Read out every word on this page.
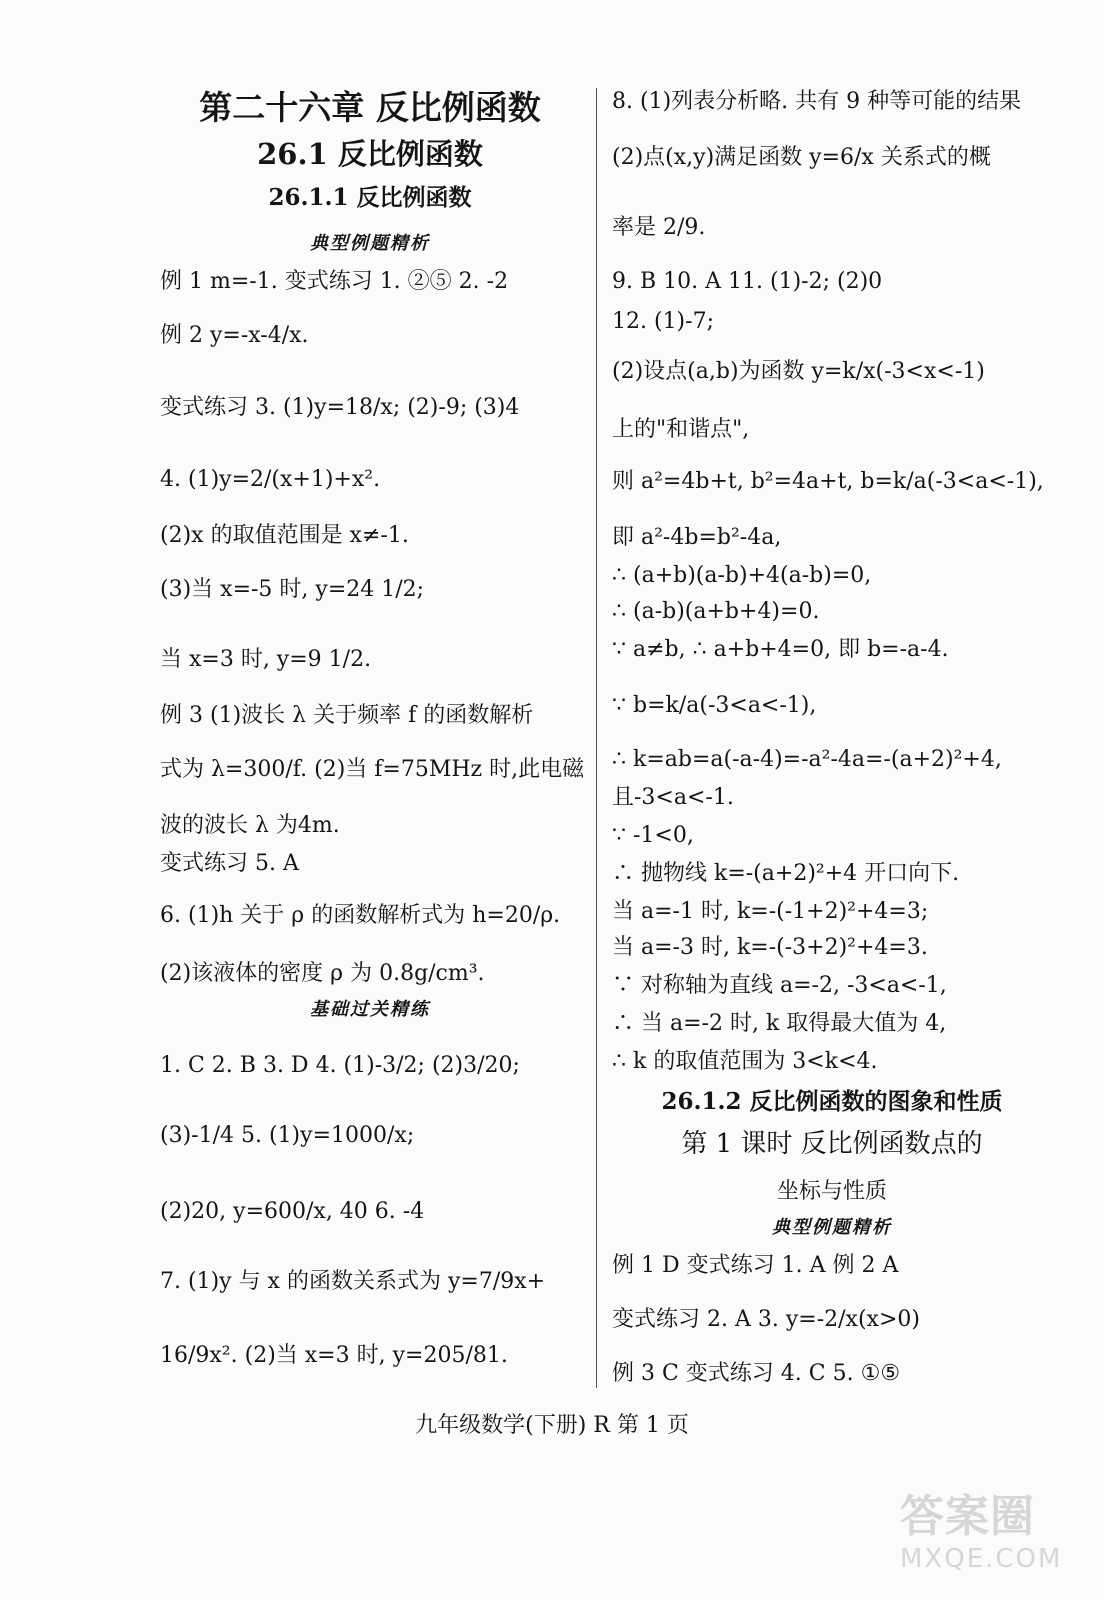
第二十六章 反比例函数
26.1 反比例函数
26.1.1 反比例函数
典型例题精析
例 1 m=-1. 变式练习 1. ②⑤ 2. -2
例 2 y=-x-4/x.
变式练习 3. (1)y=18/x; (2)-9; (3)4
4. (1)y=2/(x+1)+x².
(2)x 的取值范围是 x≠-1.
(3)当 x=-5 时, y=24 1/2;
当 x=3 时, y=9 1/2.
例 3 (1)波长 λ 关于频率 f 的函数解析
式为 λ=300/f. (2)当 f=75MHz 时,此电磁
波的波长 λ 为4m.
变式练习 5. A
6. (1)h 关于 ρ 的函数解析式为 h=20/ρ.
(2)该液体的密度 ρ 为 0.8g/cm³.
基础过关精练
1. C 2. B 3. D 4. (1)-3/2; (2)3/20;
(3)-1/4 5. (1)y=1000/x;
(2)20, y=600/x, 40 6. -4
7. (1)y 与 x 的函数关系式为 y=7/9x+
16/9x². (2)当 x=3 时, y=205/81.
8. (1)列表分析略. 共有 9 种等可能的结果
(2)点(x,y)满足函数 y=6/x 关系式的概
率是 2/9.
9. B 10. A 11. (1)-2; (2)0
12. (1)-7;
(2)设点(a,b)为函数 y=k/x(-3<x<-1)
上的"和谐点",
则 a²=4b+t, b²=4a+t, b=k/a(-3<a<-1),
即 a²-4b=b²-4a,
∴ (a+b)(a-b)+4(a-b)=0,
∴ (a-b)(a+b+4)=0.
∵ a≠b, ∴ a+b+4=0, 即 b=-a-4.
∵ b=k/a(-3<a<-1),
∴ k=ab=a(-a-4)=-a²-4a=-(a+2)²+4,
且-3<a<-1.
∵ -1<0,
∴ 抛物线 k=-(a+2)²+4 开口向下.
当 a=-1 时, k=-(-1+2)²+4=3;
当 a=-3 时, k=-(-3+2)²+4=3.
∵ 对称轴为直线 a=-2, -3<a<-1,
∴ 当 a=-2 时, k 取得最大值为 4,
∴ k 的取值范围为 3<k<4.
26.1.2 反比例函数的图象和性质
第 1 课时 反比例函数点的
坐标与性质
典型例题精析
例 1 D 变式练习 1. A 例 2 A
变式练习 2. A 3. y=-2/x(x>0)
例 3 C 变式练习 4. C 5. ①⑤
九年级数学(下册) R 第 1 页
答案圈
MXQE.COM
